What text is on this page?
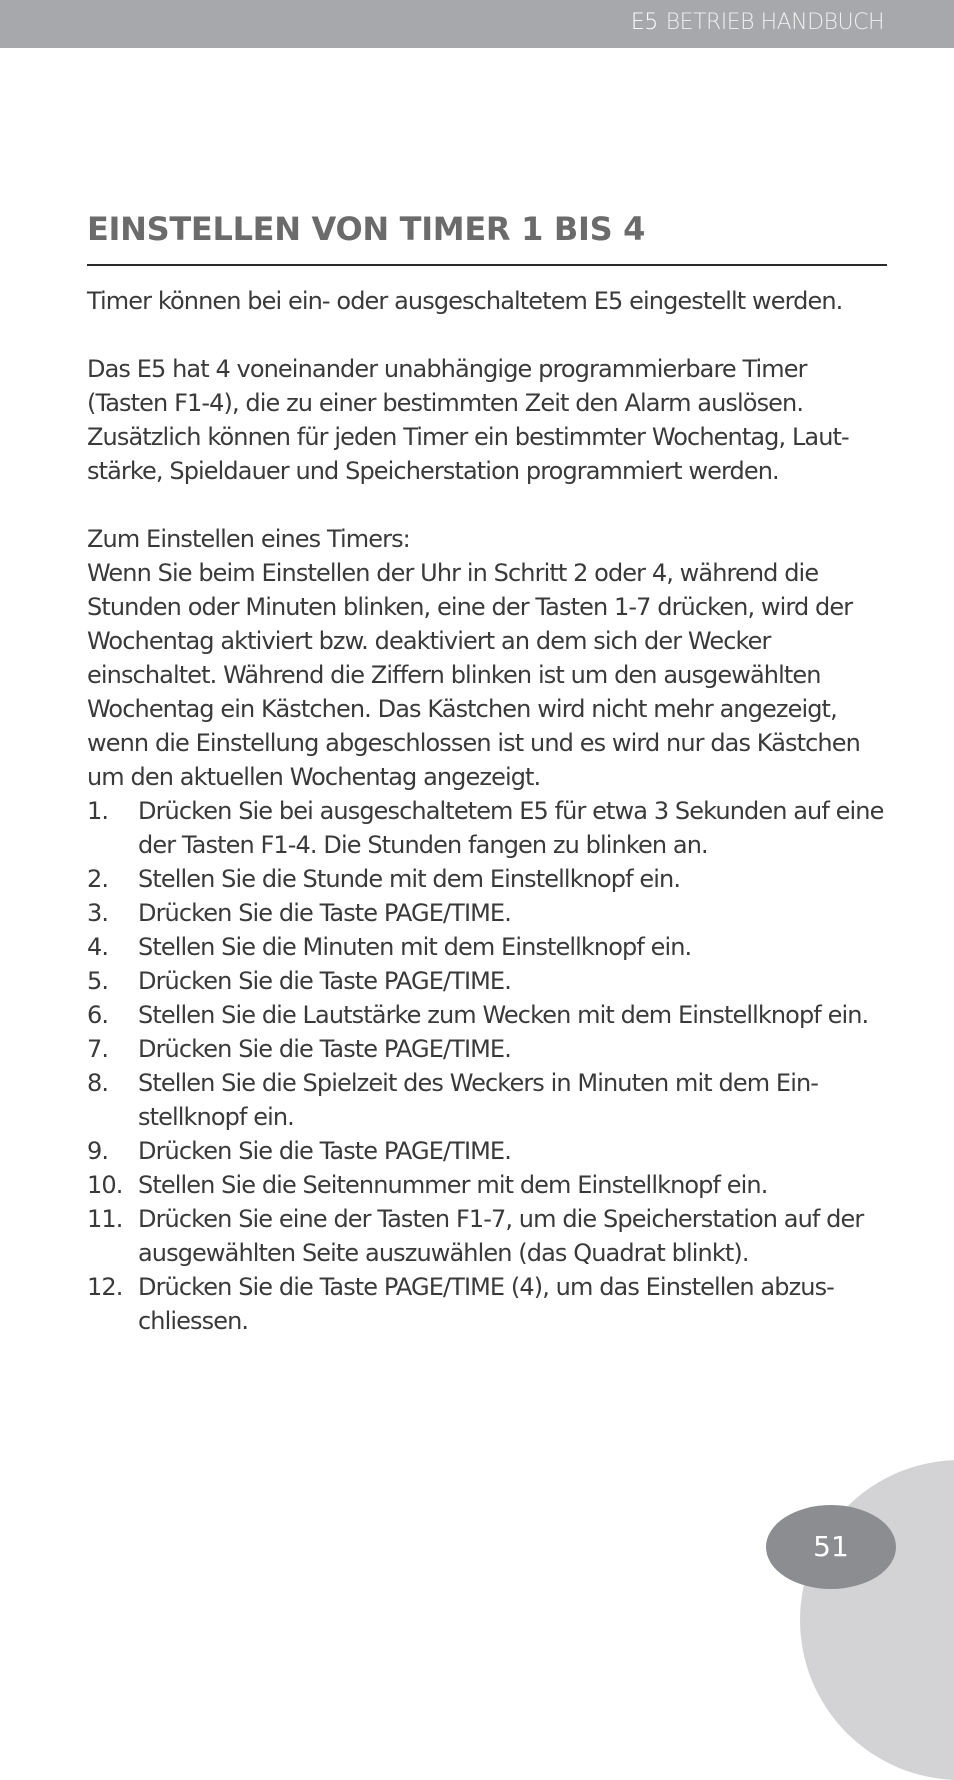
E5 BETRIEB HANDBUCH
EINSTELLEN VON TIMER 1 BIS 4

Timer können bei ein- oder ausgeschaltetem E5 eingestellt werden.

Das E5 hat 4 voneinander unabhängige programmierbare Timer (Tasten F1-4), die zu einer bestimmten Zeit den Alarm auslösen. Zusätzlich können für jeden Timer ein bestimmter Wochentag, Laut-
stärke, Spieldauer und Speicherstation programmiert werden.

Zum Einstellen eines Timers:

Wenn Sie beim Einstellen der Uhr in Schritt 2 oder 4, während die Stunden oder Minuten blinken, eine der Tasten 1-7 drücken, wird der Wochentag aktiviert bzw. deaktiviert an dem sich der Wecker einschaltet. Während die Ziffern blinken ist um den ausgewählten Wochentag ein Kästchen. Das Kästchen wird nicht mehr angezeigt, wenn die Einstellung abgeschlossen ist und es wird nur das Kästchen um den aktuellen Wochentag angezeigt.

1. Drücken Sie bei ausgeschaltetem E5 für etwa 3 Sekunden auf eine der Tasten F1-4. Die Stunden fangen zu blinken an.
2. Stellen Sie die Stunde mit dem Einstellknopf ein.
3. Drücken Sie die Taste PAGE/TIME.
4. Stellen Sie die Minuten mit dem Einstellknopf ein.
5. Drücken Sie die Taste PAGE/TIME.
6. Stellen Sie die Lautstärke zum Wecken mit dem Einstellknopf ein.
7. Drücken Sie die Taste PAGE/TIME.
8. Stellen Sie die Spielzeit des Weckers in Minuten mit dem Ein-
stellknopf ein.
9. Drücken Sie die Taste PAGE/TIME.
10. Stellen Sie die Seitennummer mit dem Einstellknopf ein.
11. Drücken Sie eine der Tasten F1-7, um die Speicherstation auf der ausgewählten Seite auszuwählen (das Quadrat blinkt).
12. Drücken Sie die Taste PAGE/TIME (4), um das Einstellen abzus-
chliessen.
51
